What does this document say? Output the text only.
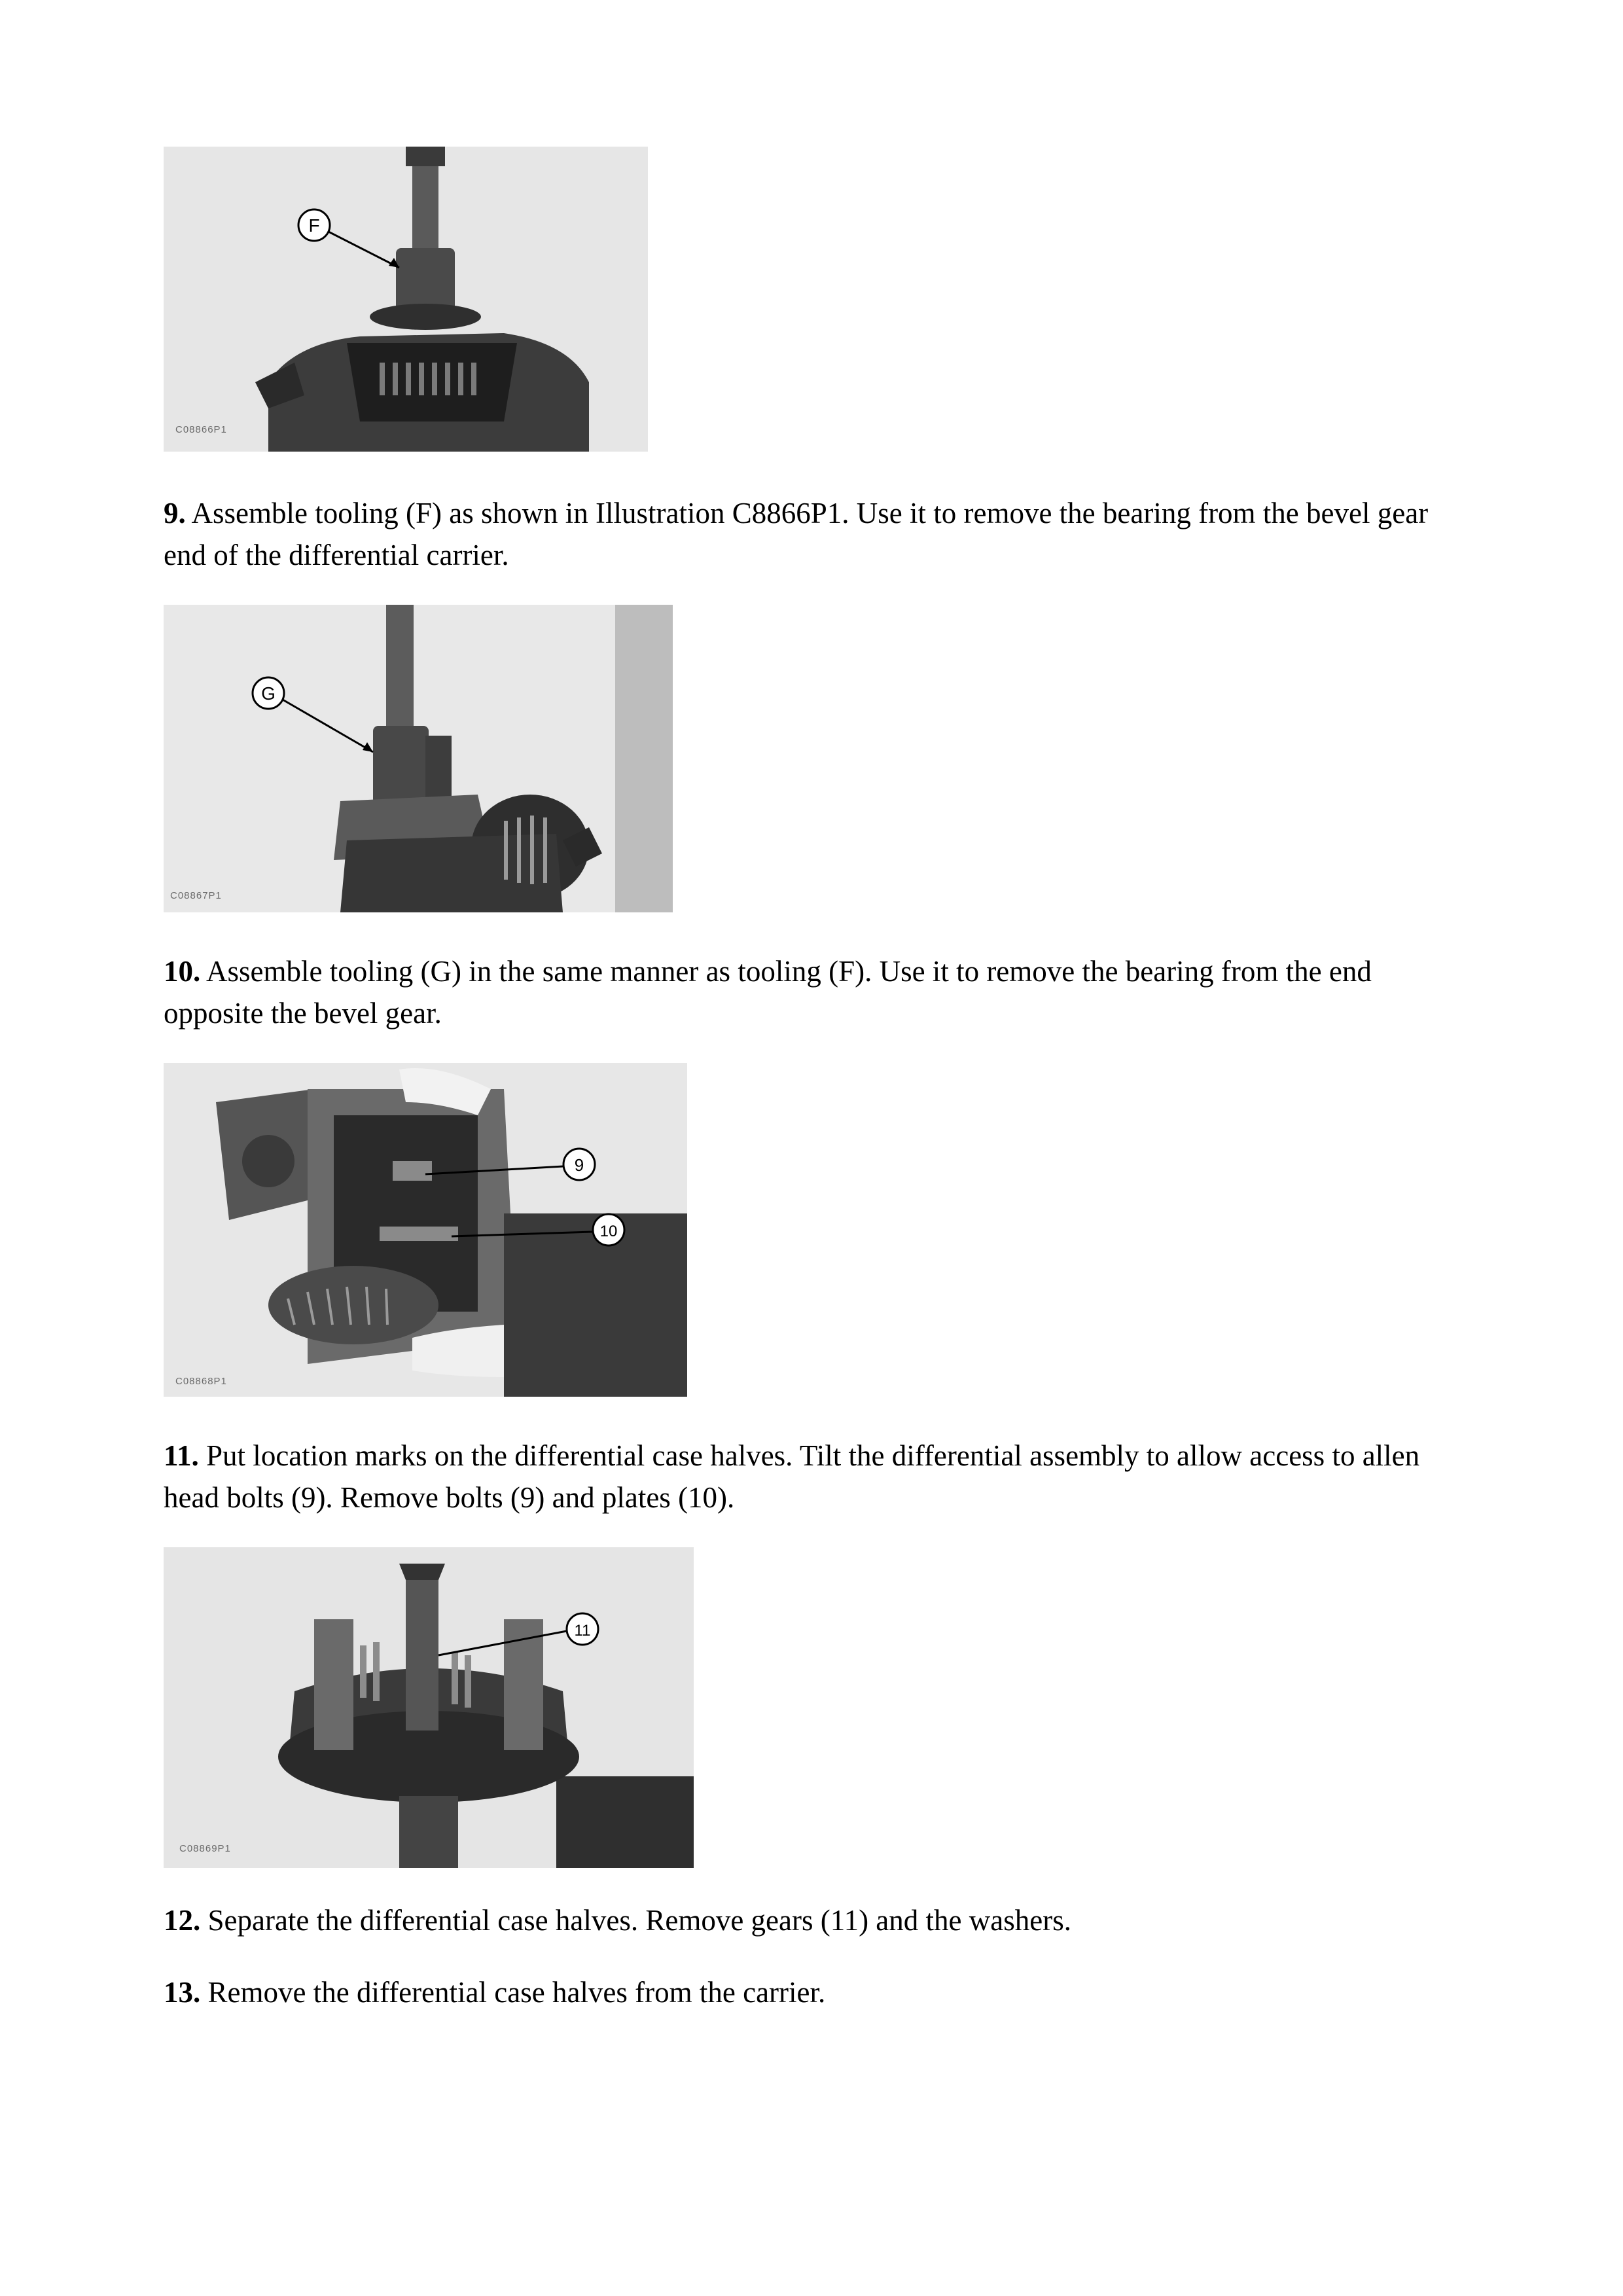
F
C08866P1

9. Assemble tooling (F) as shown in Illustration C8866P1. Use it to remove the bearing from the bevel gear end of the differential carrier.

G
C08867P1

10. Assemble tooling (G) in the same manner as tooling (F). Use it to remove the bearing from the end opposite the bevel gear.

9
10
C08868P1

11. Put location marks on the differential case halves. Tilt the differential assembly to allow access to allen head bolts (9). Remove bolts (9) and plates (10).

11
C08869P1

12. Separate the differential case halves. Remove gears (11) and the washers.

13. Remove the differential case halves from the carrier.
